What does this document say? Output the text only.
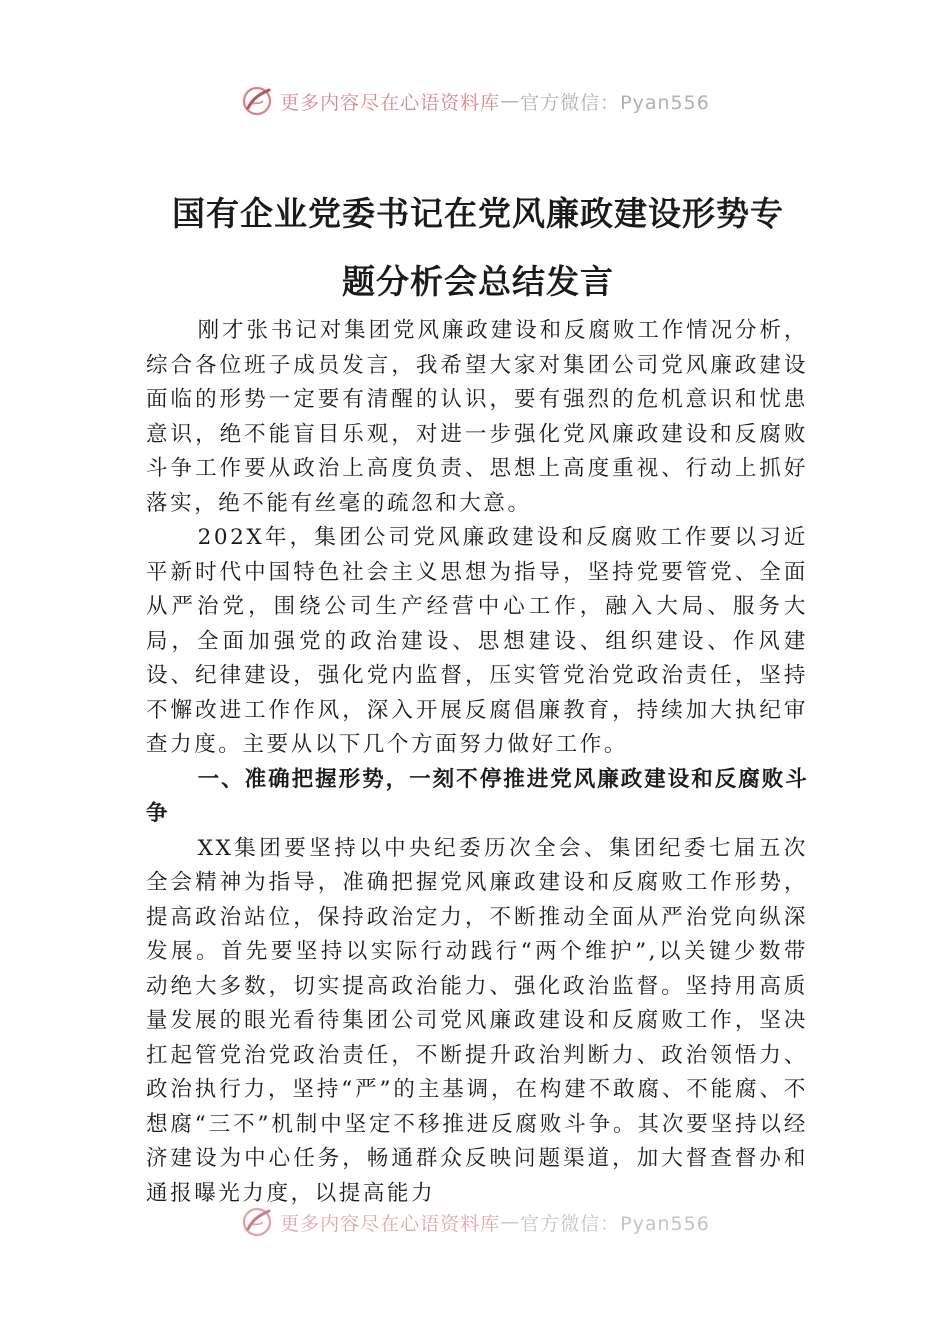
更多内容尽在心语资料库 — 官方微信：Pyan556
国有企业党委书记在党风廉政建设形势专
题分析会总结发言

刚才张书记对集团党风廉政建设和反腐败工作情况分析，综合各位班子成员发言，我希望大家对集团公司党风廉政建设面临的形势一定要有清醒的认识，要有强烈的危机意识和忧患意识，绝不能盲目乐观，对进一步强化党风廉政建设和反腐败斗争工作要从政治上高度负责、思想上高度重视、行动上抓好落实，绝不能有丝毫的疏忽和大意。

202X年，集团公司党风廉政建设和反腐败工作要以习近平新时代中国特色社会主义思想为指导，坚持党要管党、全面从严治党，围绕公司生产经营中心工作，融入大局、服务大局，全面加强党的政治建设、思想建设、组织建设、作风建设、纪律建设，强化党内监督，压实管党治党政治责任，坚持不懈改进工作作风，深入开展反腐倡廉教育，持续加大执纪审查力度。主要从以下几个方面努力做好工作。

一、准确把握形势，一刻不停推进党风廉政建设和反腐败斗争

XX集团要坚持以中央纪委历次全会、集团纪委七届五次全会精神为指导，准确把握党风廉政建设和反腐败工作形势，提高政治站位，保持政治定力，不断推动全面从严治党向纵深发展。首先要坚持以实际行动践行“两个维护”,以关键少数带动绝大多数，切实提高政治能力、强化政治监督。坚持用高质量发展的眼光看待集团公司党风廉政建设和反腐败工作，坚决扛起管党治党政治责任，不断提升政治判断力、政治领悟力、政治执行力，坚持“严”的主基调，在构建不敢腐、不能腐、不想腐“三不”机制中坚定不移推进反腐败斗争。其次要坚持以经济建设为中心任务，畅通群众反映问题渠道，加大督查督办和通报曝光力度，以提高能力

更多内容尽在心语资料库 — 官方微信：Pyan556
